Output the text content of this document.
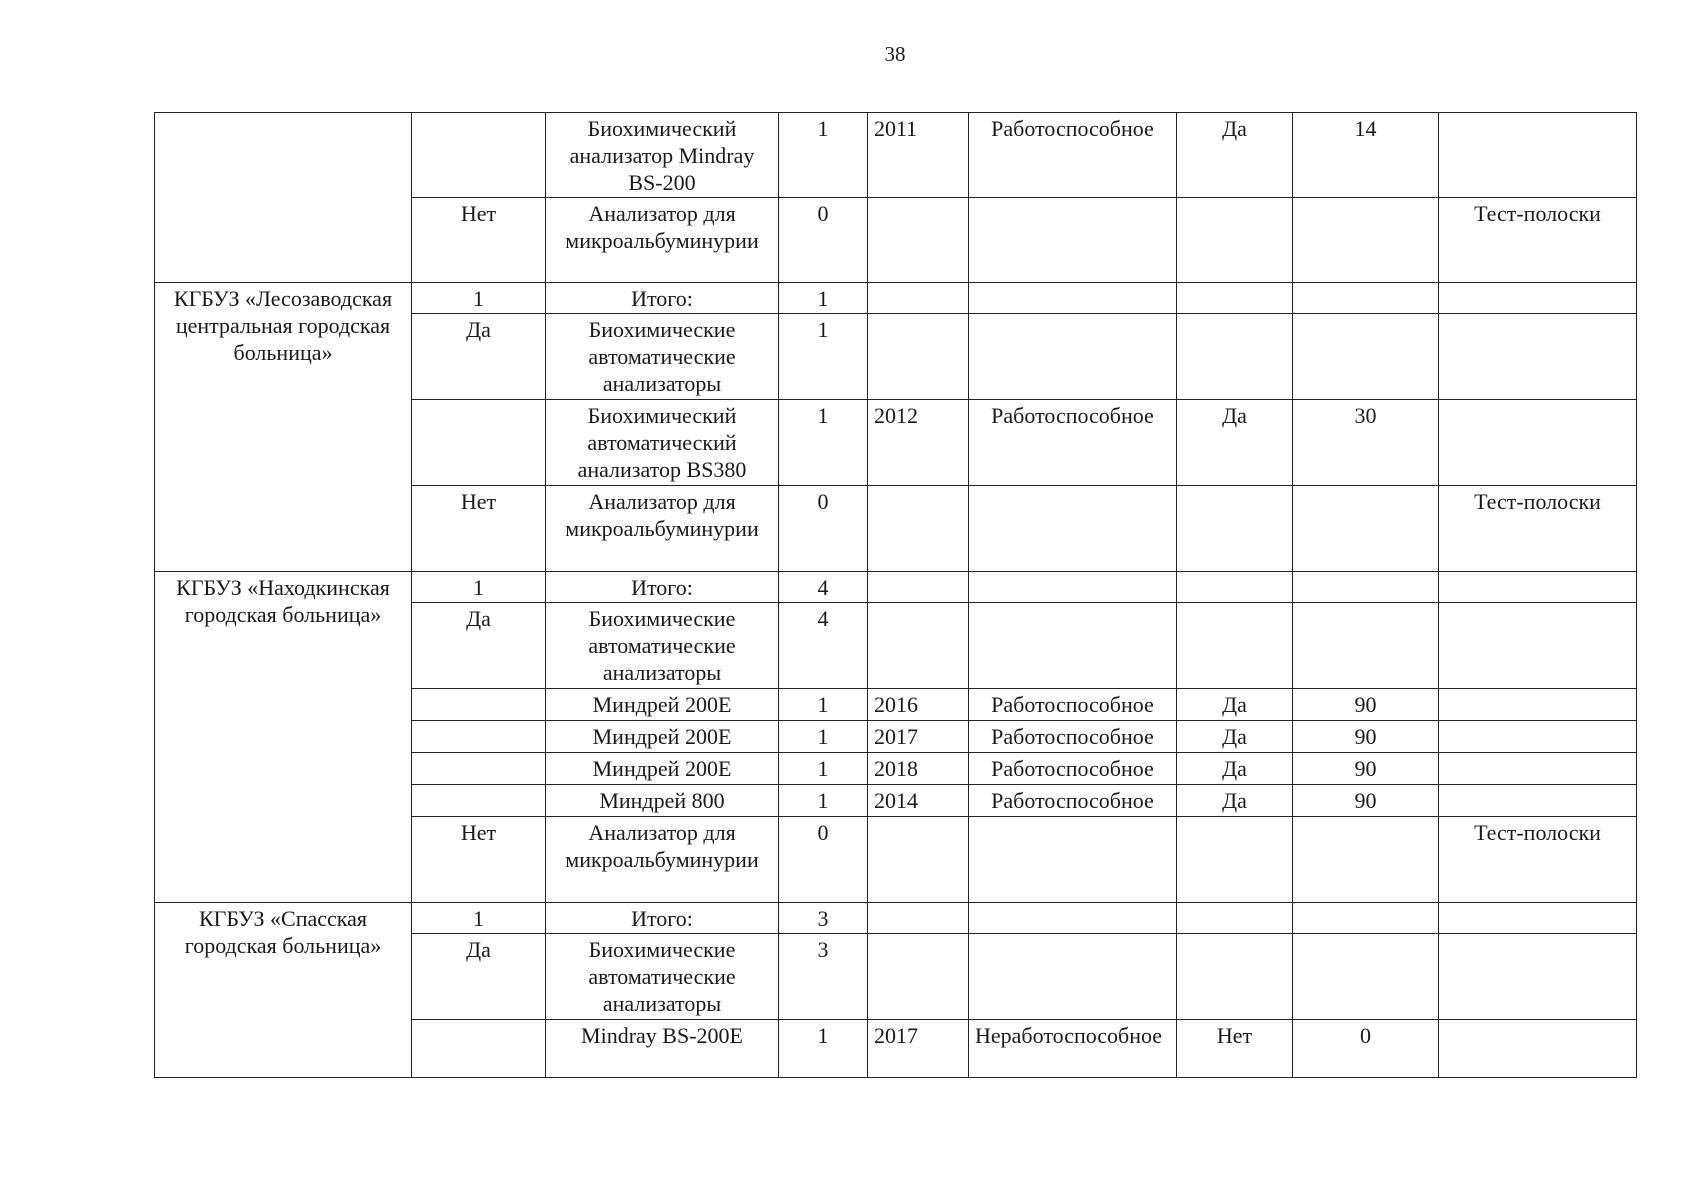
38
		Биохимический анализатор Mindray BS-200	1	2011	Работоспособное	Да	14	
	Нет	Анализатор для микроальбуминурии	0					Тест-полоски
КГБУЗ «Лесозаводская центральная городская больница»	1	Итого:	1					
	Да	Биохимические автоматические анализаторы	1					
		Биохимический автоматический анализатор BS380	1	2012	Работоспособное	Да	30	
	Нет	Анализатор для микроальбуминурии	0					Тест-полоски
КГБУЗ «Находкинская городская больница»	1	Итого:	4					
	Да	Биохимические автоматические анализаторы	4					
		Миндрей 200Е	1	2016	Работоспособное	Да	90	
		Миндрей 200Е	1	2017	Работоспособное	Да	90	
		Миндрей 200Е	1	2018	Работоспособное	Да	90	
		Миндрей 800	1	2014	Работоспособное	Да	90	
	Нет	Анализатор для микроальбуминурии	0					Тест-полоски
КГБУЗ «Спасская городская больница»	1	Итого:	3					
	Да	Биохимические автоматические анализаторы	3					
		Mindray BS-200E	1	2017	Неработоспособное	Нет	0	
